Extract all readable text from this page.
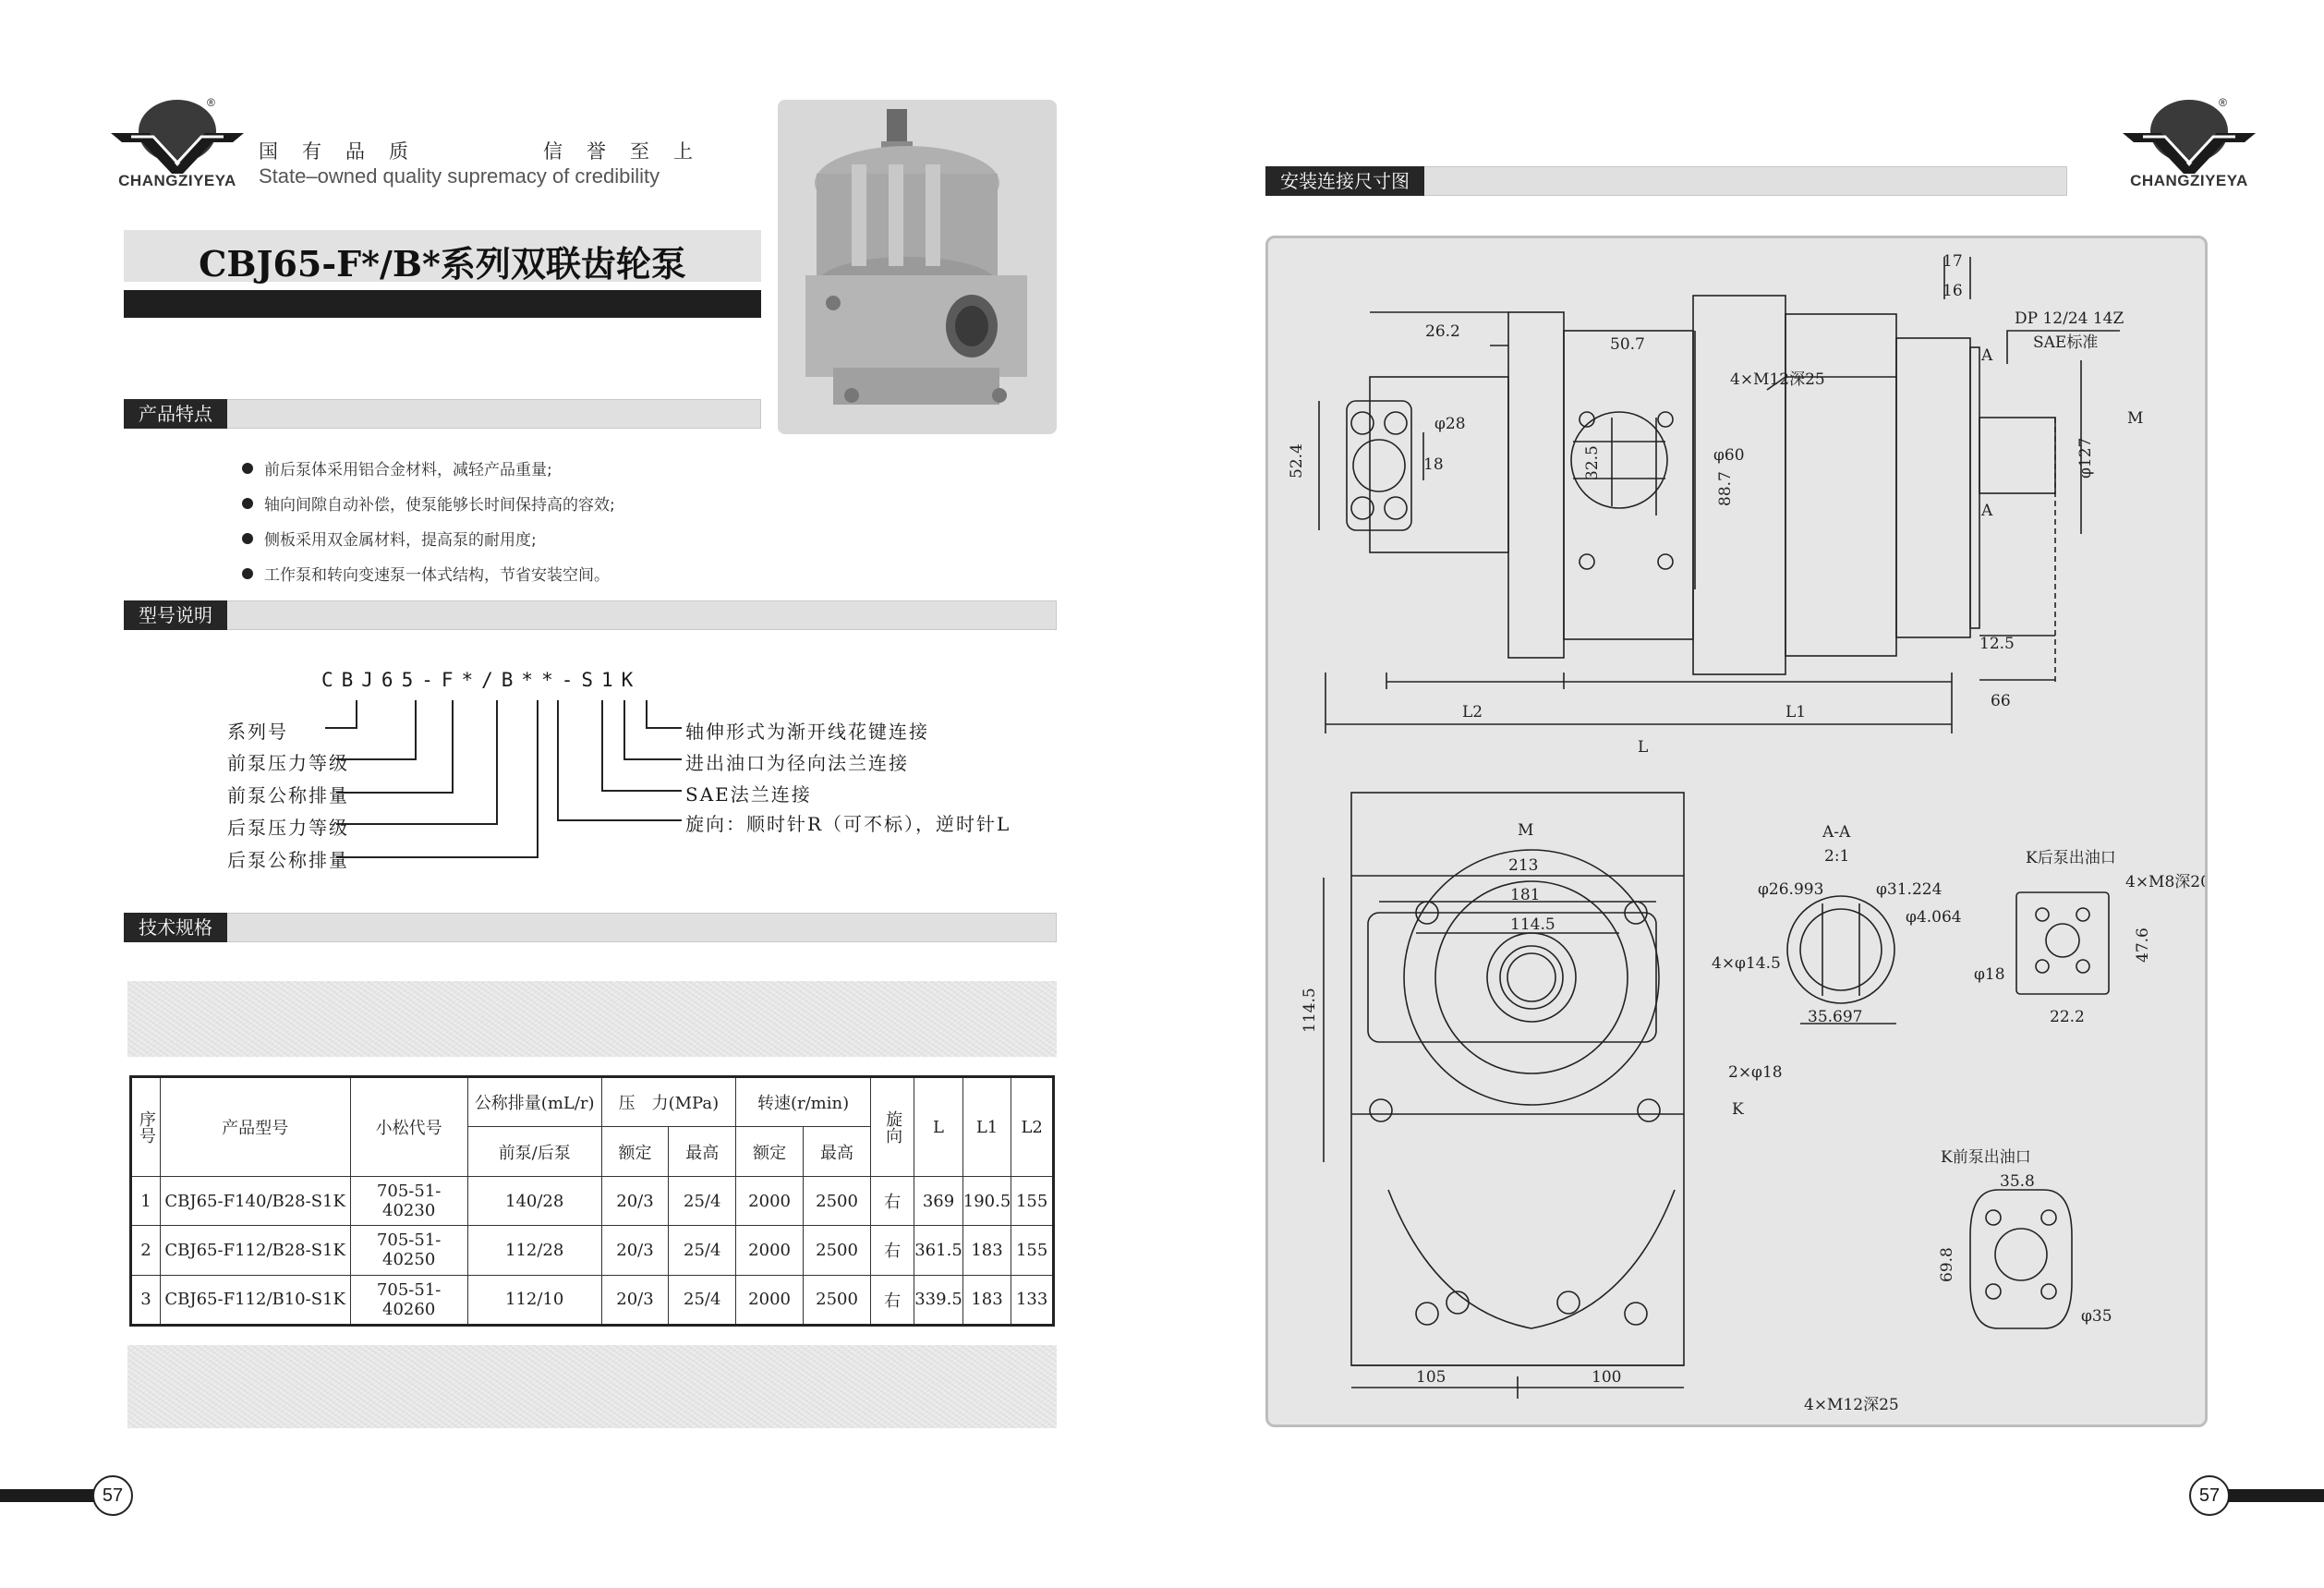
®
CHANGZIYEYA
国有品质	信誉至上
State–owned quality supremacy of credibility
CBJ65-F*/B*系列双联齿轮泵
产品特点
前后泵体采用铝合金材料，减轻产品重量;
轴向间隙自动补偿，使泵能够长时间保持高的容效;
侧板采用双金属材料，提高泵的耐用度;
工作泵和转向变速泵一体式结构，节省安装空间。
型号说明
CBJ65-F*/B**-S1K
系列号
前泵压力等级
前泵公称排量
后泵压力等级
后泵公称排量
轴伸形式为渐开线花键连接
进出油口为径向法兰连接
SAE法兰连接
旋向：顺时针R（可不标），逆时针L
技术规格
序号	产品型号	小松代号	公称排量(mL/r)	压　力(MPa)		转速(r/min)		旋向	L	L1	L2
			前泵/后泵	额定	最高	额定	最高				
1	CBJ65-F140/B28-S1K	705-51-40230	140/28	20/3	25/4	2000	2500	右	369	190.5	155
2	CBJ65-F112/B28-S1K	705-51-40250	112/28	20/3	25/4	2000	2500	右	361.5	183	155
3	CBJ65-F112/B10-S1K	705-51-40260	112/10	20/3	25/4	2000	2500	右	339.5	183	133
57
®
CHANGZIYEYA
安装连接尺寸图
26.2
50.7
17
16
DP 12/24 14Z
SAE标准
4×M12深25
φ28
18
52.4	32.5	φ60
88.7
φ127
A
A
M
12.5
66
L2	L1
L
M
213
181
114.5
114.5
4×φ14.5
2×φ18
K
105	100
A-A
2:1
φ26.993	φ31.224
φ4.064
35.697
K后泵出油口
4×M8深20
φ18
47.6
22.2
K前泵出油口
35.8
69.8
φ35
4×M12深25
57
